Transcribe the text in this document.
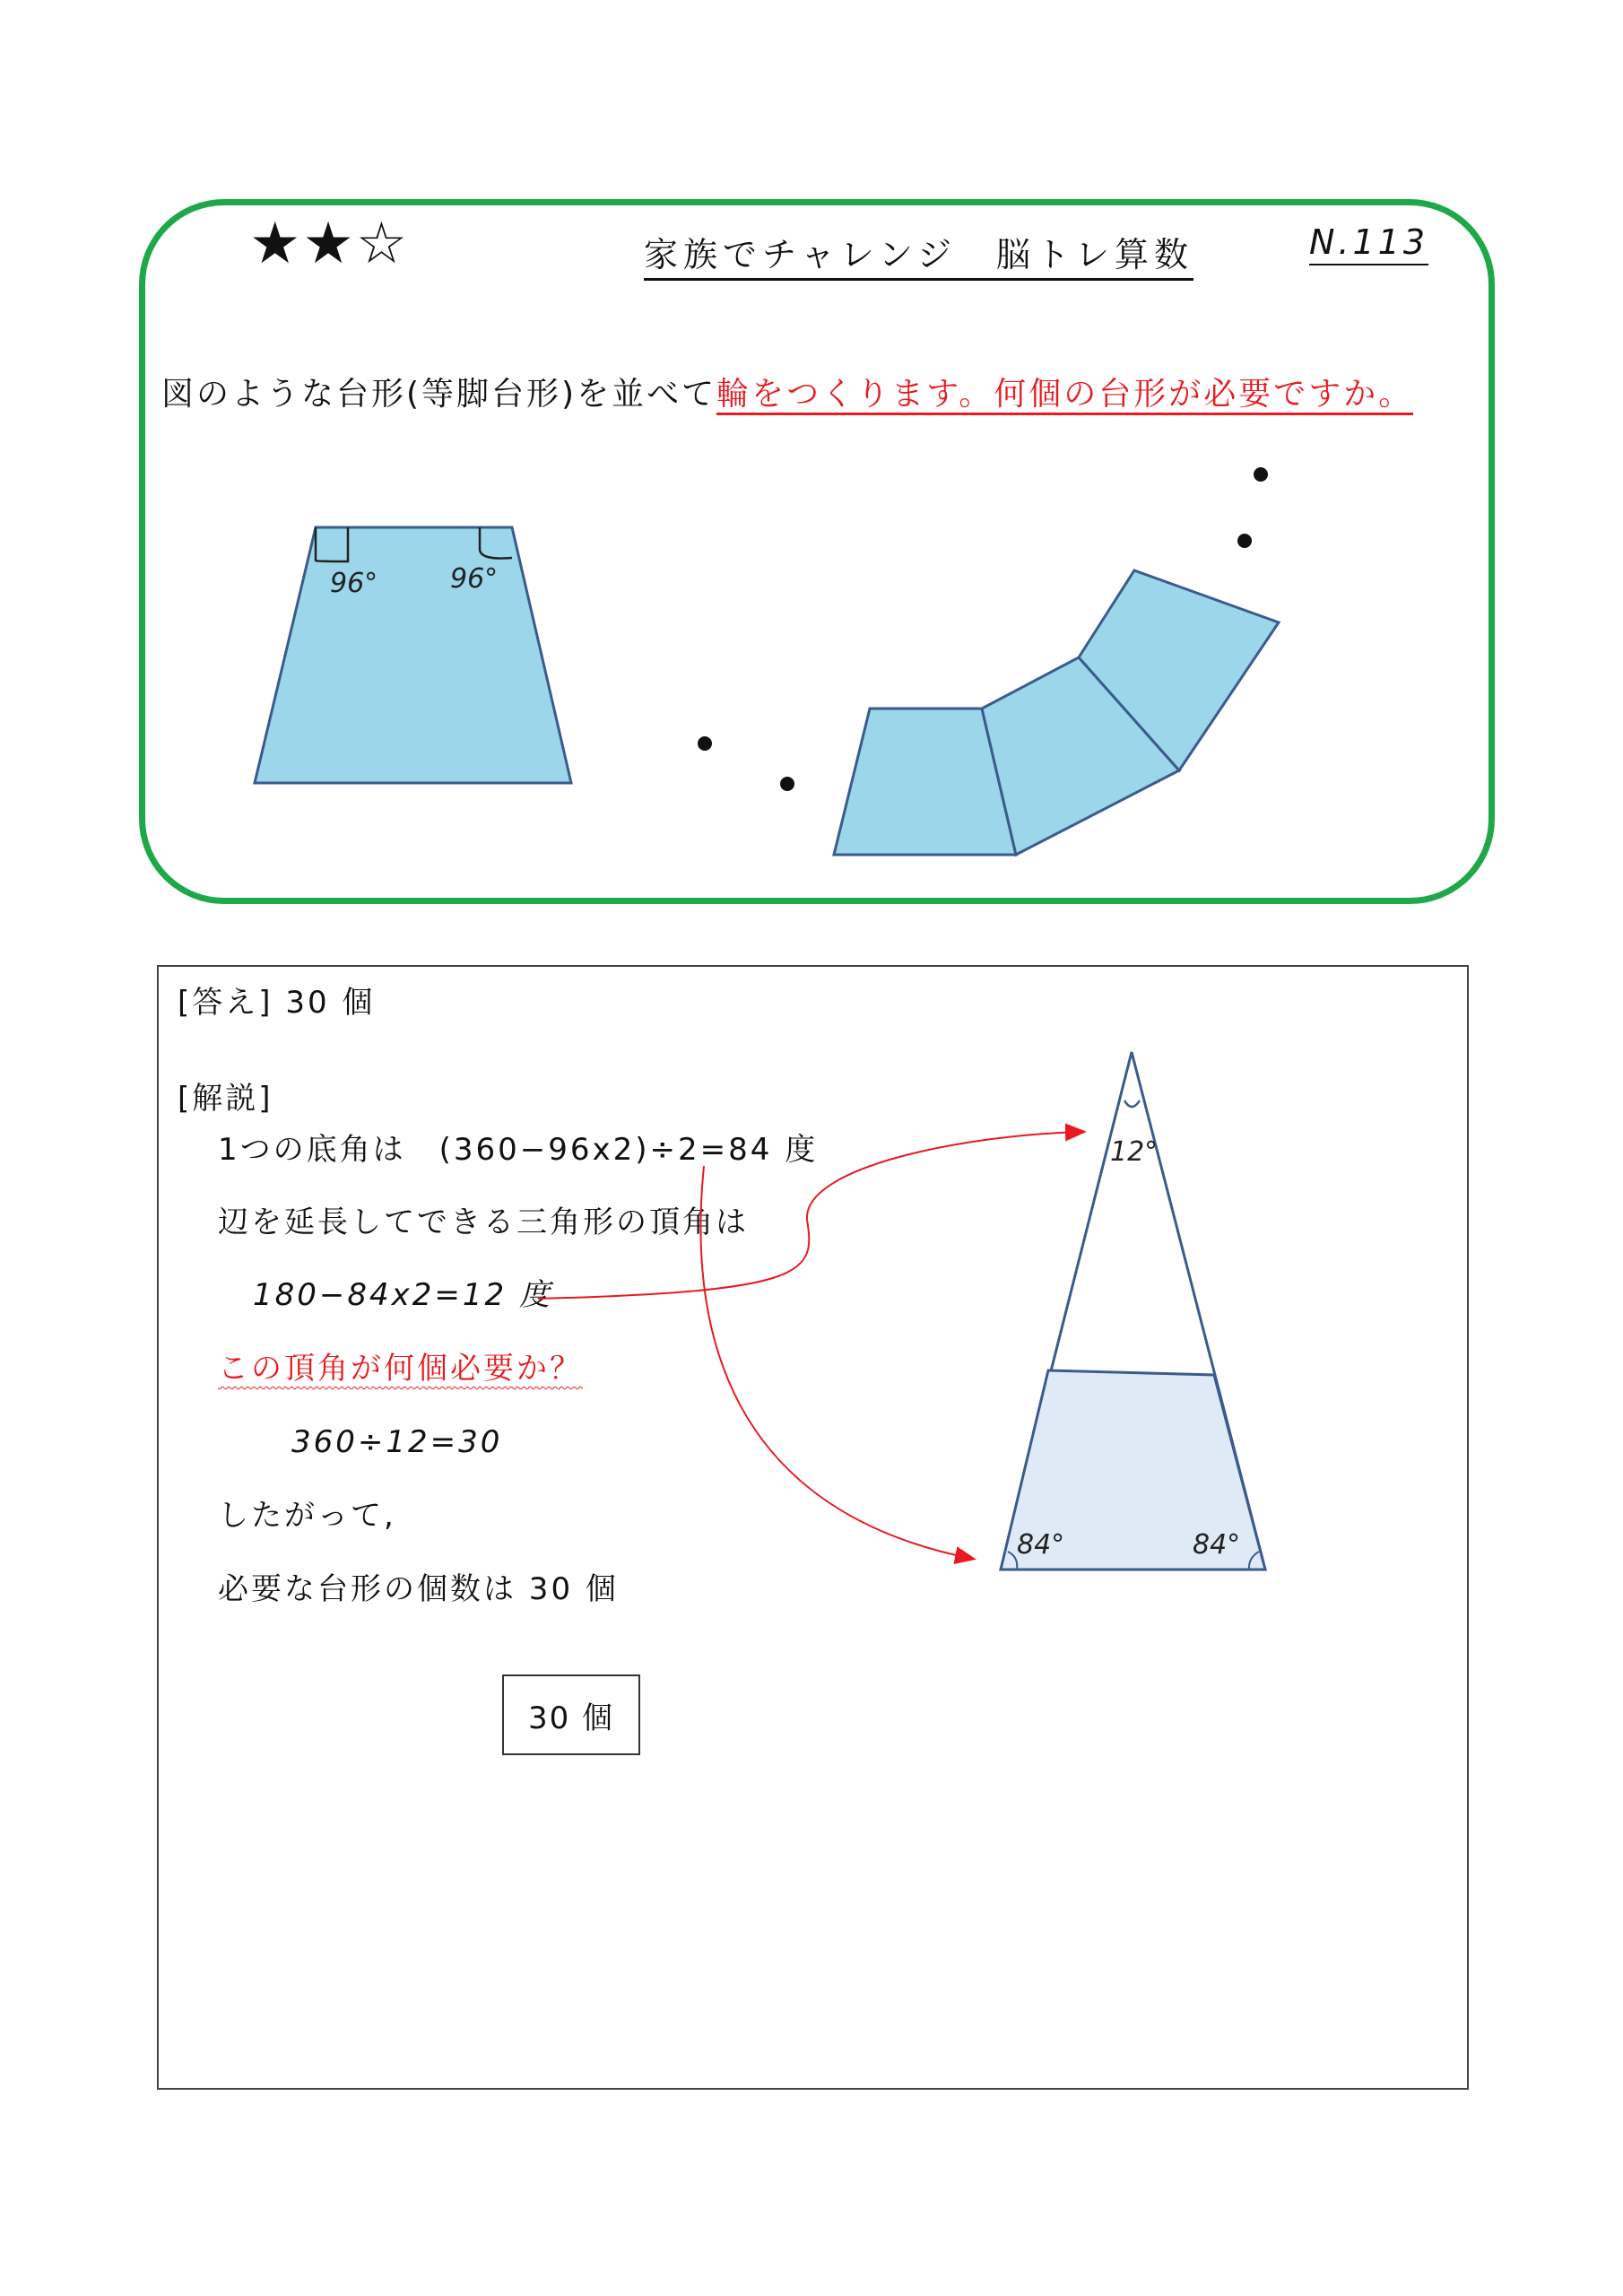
★★☆	家族でチャレンジ　脳トレ算数	N.113
図のような台形(等脚台形)を並べて輪をつくります。何個の台形が必要ですか。
96°	96°
[答え] 30 個
[解説]
1つの底角は　(360−96x2)÷2=84 度
辺を延長してできる三角形の頂角は
180−84x2=12 度
この頂角が何個必要か？
360÷12=30
したがって,
必要な台形の個数は 30 個
30 個
12°
84°	84°
